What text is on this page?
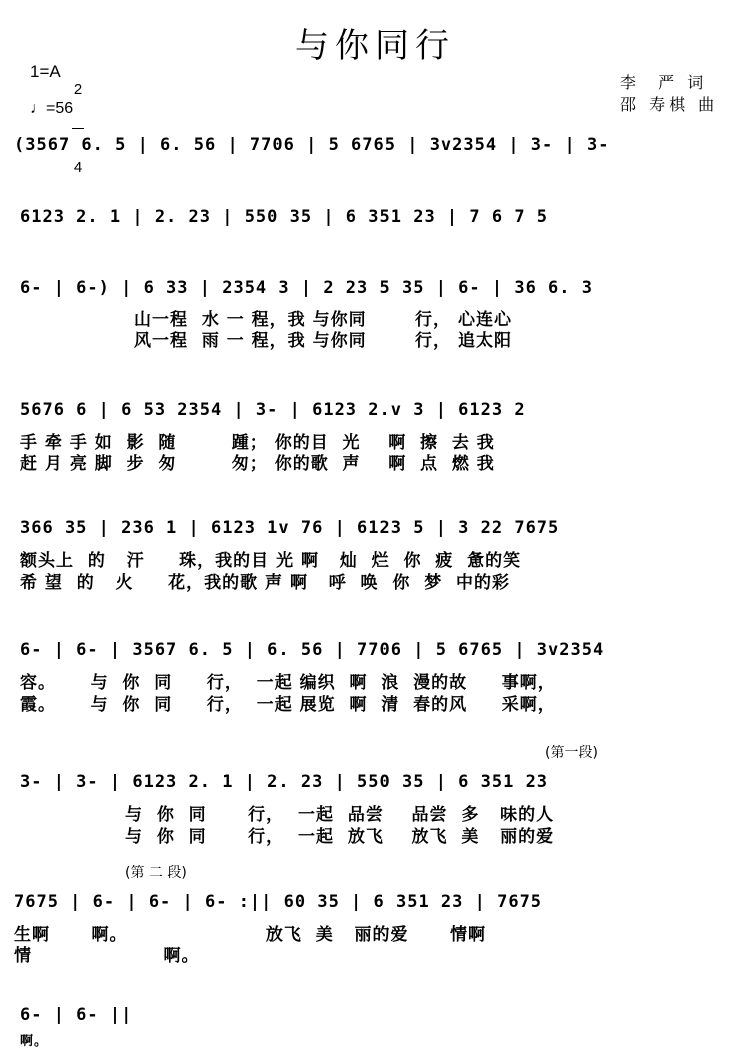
与你同行
1=A

2

4

♩=56
李  严 词
邵 寿棋 曲
(3567 6. 5 | 6. 56 | 7706 | 5 6765 | 3v2354 | 3- | 3-
6123 2. 1 | 2. 23 | 550 35 | 6 351 23 | 7 6 7 5
6- | 6-) | 6 33 | 2354 3 | 2 23 5 35 | 6- | 36 6. 3
山一程  水 一 程，我 与你同       行， 心连心
风一程  雨 一 程，我 与你同       行， 追太阳
5676 6 | 6 53 2354 | 3- | 6123 2.v 3 | 6123 2
手 牵 手 如  影  随        踵； 你的目  光    啊  擦  去 我
赶 月 亮 脚  步  匆        匆； 你的歌  声    啊  点  燃 我
366 35 | 236 1 | 6123 1v 76 | 6123 5 | 3 22 7675
额头上  的   汗     珠，我的目 光 啊   灿  烂  你  疲  惫的笑
希 望  的   火     花，我的歌 声 啊   呼  唤  你  梦  中的彩
6- | 6- | 3567 6. 5 | 6. 56 | 7706 | 5 6765 | 3v2354
容。     与  你  同     行，  一起 编织  啊  浪  漫的故     事啊，
霞。     与  你  同     行，  一起 展览  啊  清  春的风     采啊，
(第一段)
3- | 3- | 6123 2. 1 | 2. 23 | 550 35 | 6 351 23
与  你  同      行，  一起  品尝    品尝  多   味的人
与  你  同      行，  一起  放飞    放飞  美   丽的爱
(第 二 段)
7675 | 6- | 6- | 6- :|| 60 35 | 6 351 23 | 7675
生啊      啊。                    放飞  美   丽的爱      情啊
情                   啊。
6- | 6- ||
啊。
